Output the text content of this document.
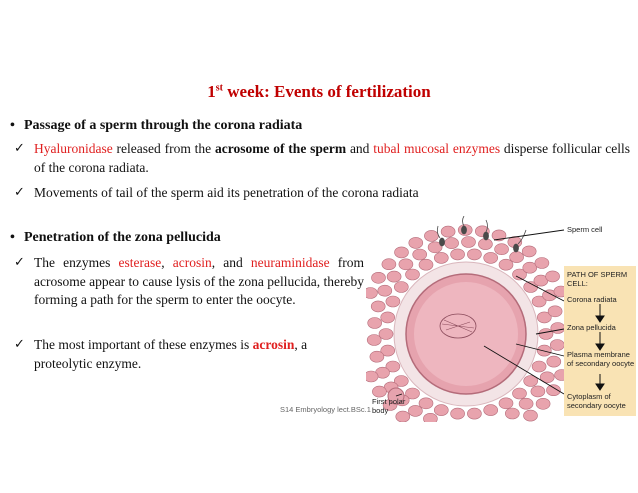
1st week: Events of fertilization
• Passage of a sperm through the corona radiata
✓ Hyaluronidase released from the acrosome of the sperm and tubal mucosal enzymes disperse follicular cells of the corona radiata.
✓ Movements of tail of the sperm aid its penetration of the corona radiata
• Penetration of the zona pellucida
✓ The enzymes esterase, acrosin, and neuraminidase from acrosome appear to cause lysis of the zona pellucida, thereby forming a path for the sperm to enter the oocyte.
✓ The most important of these enzymes is acrosin, a proteolytic enzyme.
S14 Embryology lect.BSc.1
Sperm cell
PATH OF SPERM CELL:
Corona radiata
Zona pellucida
Plasma membrane of secondary oocyte
Cytoplasm of secondary oocyte
First polar body
